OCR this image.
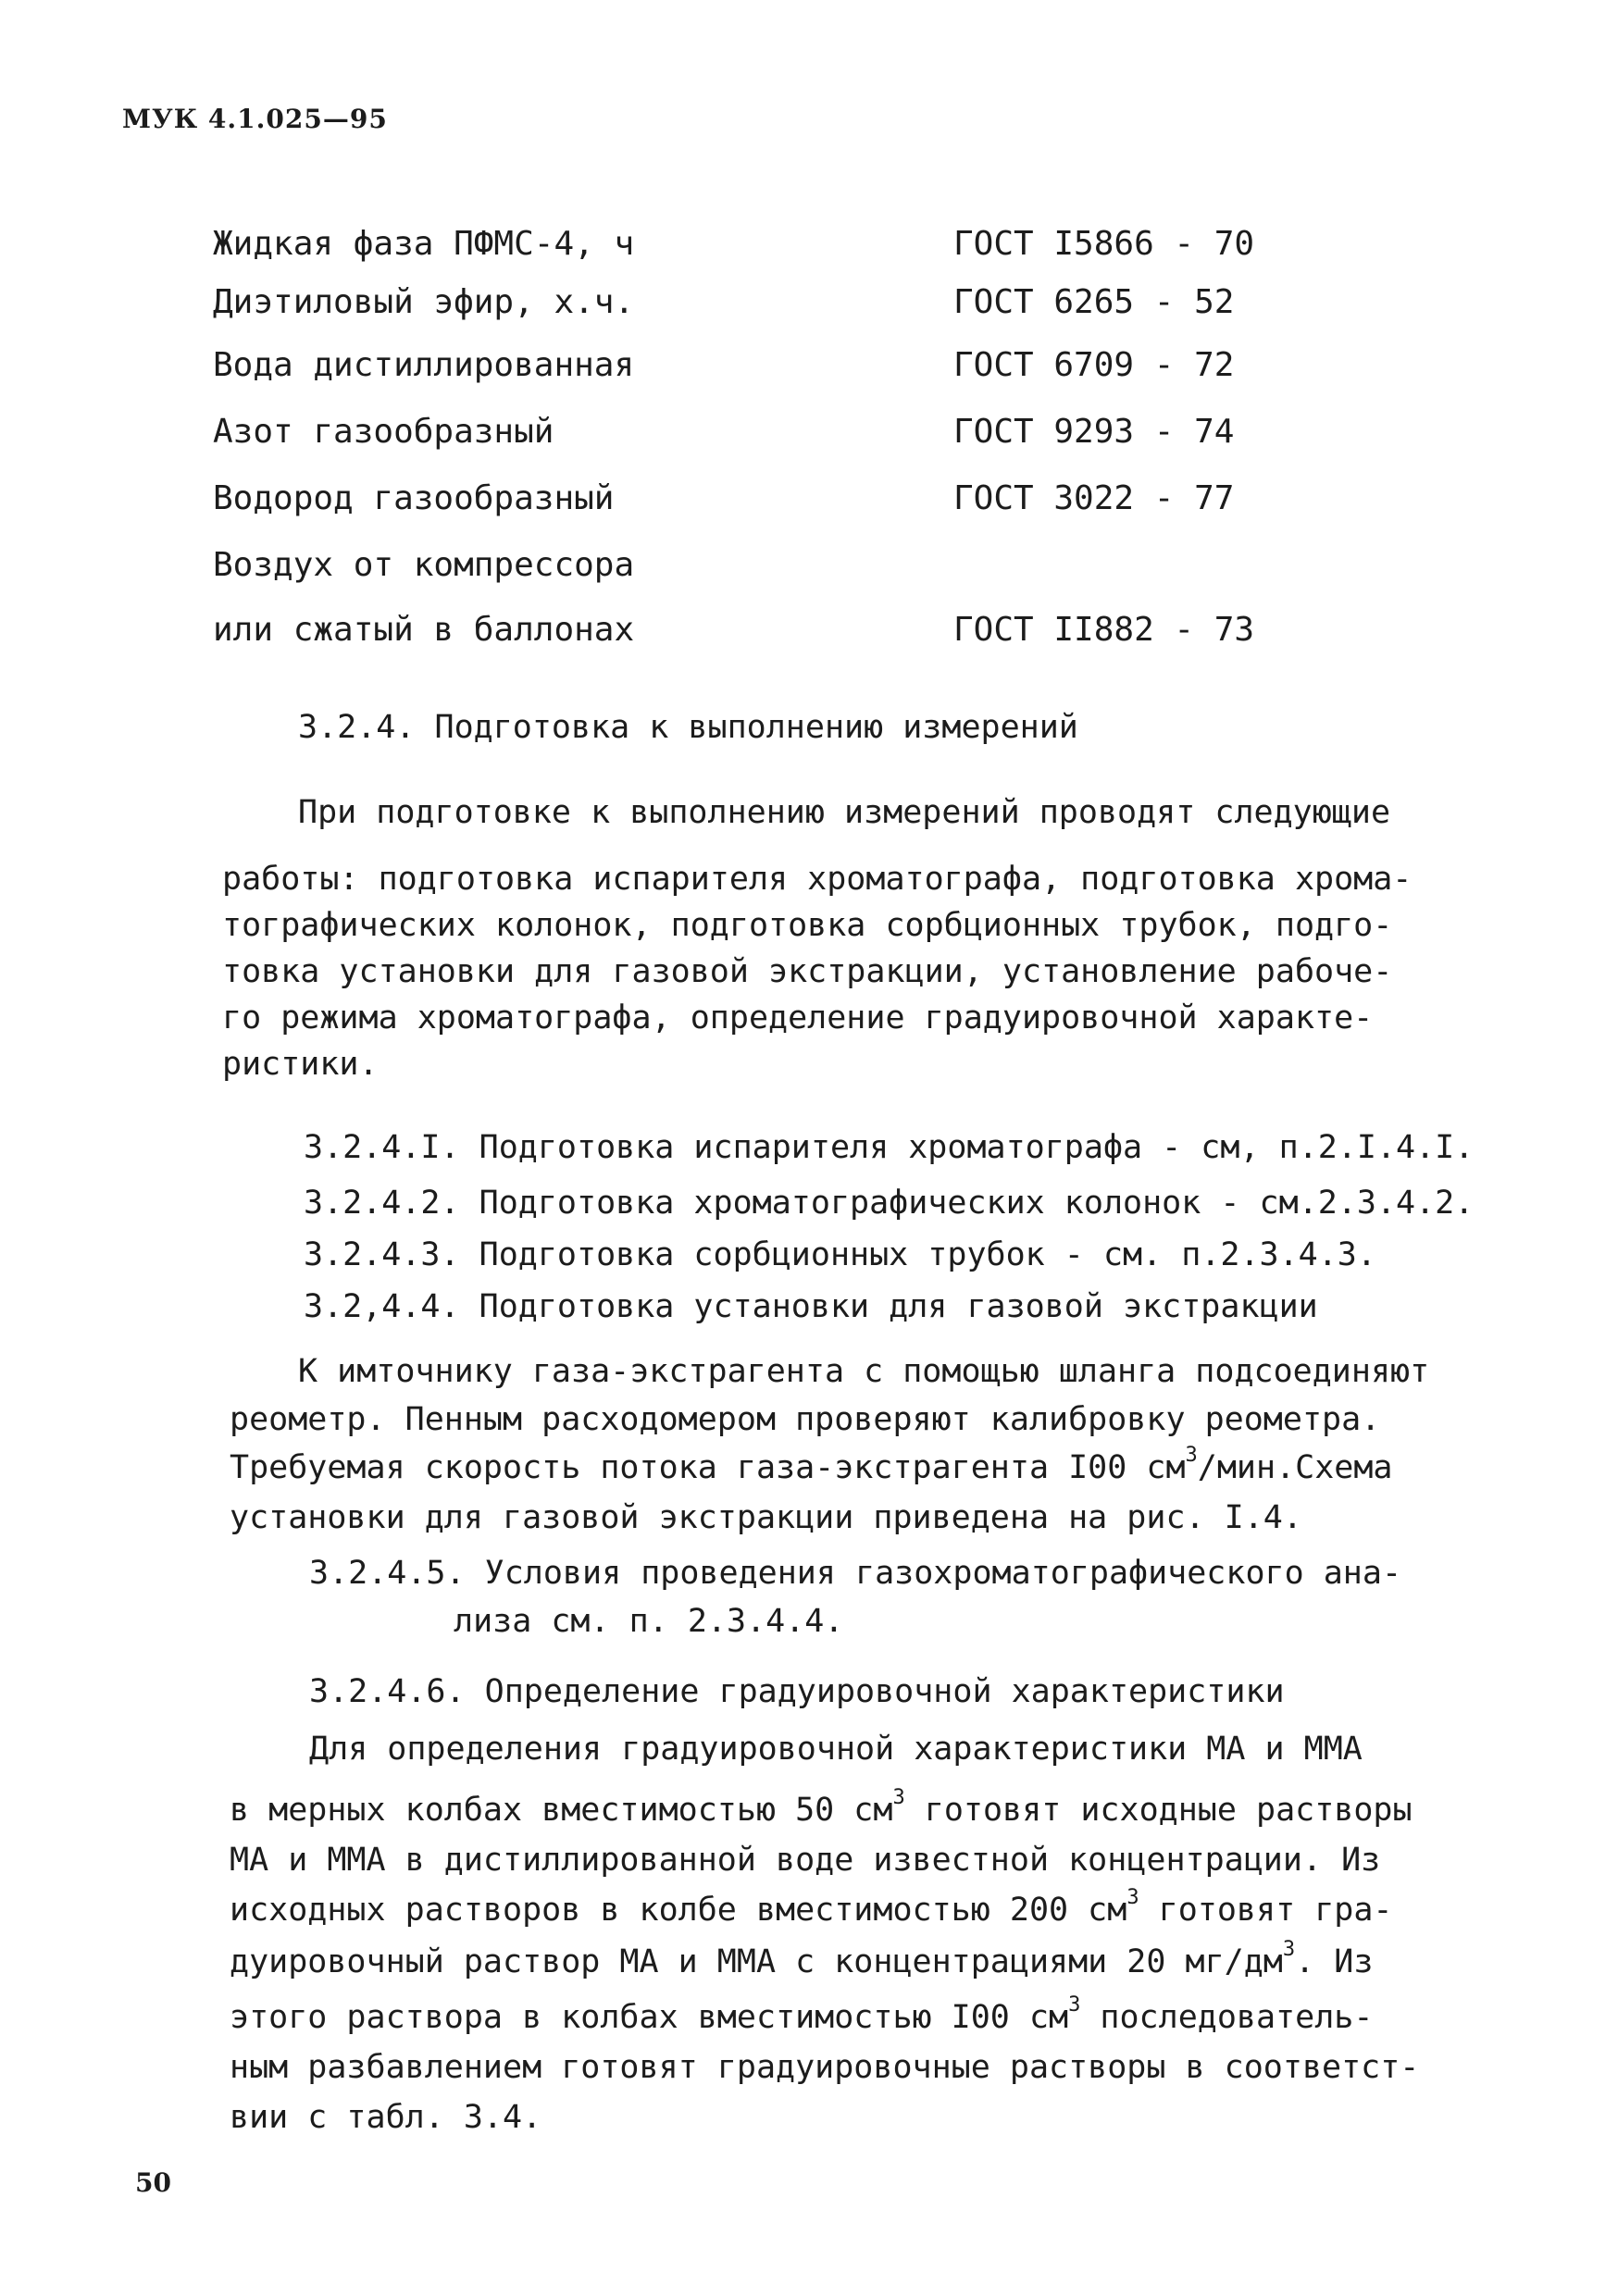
МУК 4.1.025—95
Жидкая фаза ПФМС-4, ч	ГОСТ I5866 - 70
Диэтиловый эфир, х.ч.	ГОСТ 6265 - 52
Вода дистиллированная	ГОСТ 6709 - 72
Азот газообразный	ГОСТ 9293 - 74
Водород газообразный	ГОСТ 3022 - 77
Воздух от компрессора
или сжатый в баллонах	ГОСТ II882 - 73
3.2.4. Подготовка к выполнению измерений
При подготовке к выполнению измерений проводят следующие
работы: подготовка испарителя хроматографа, подготовка хрома-
тографических колонок, подготовка сорбционных трубок, подго-
товка установки для газовой экстракции, установление рабоче-
го режима хроматографа, определение градуировочной характе-
ристики.
3.2.4.I. Подготовка испарителя хроматографа - см, п.2.I.4.I.
3.2.4.2. Подготовка хроматографических колонок - см.2.3.4.2.
3.2.4.3. Подготовка сорбционных трубок - см. п.2.3.4.3.
3.2,4.4. Подготовка установки для газовой экстракции
К имточнику газа-экстрагента с помощью шланга подсоединяют
реометр. Пенным расходомером проверяют калибровку реометра.
Требуемая скорость потока газа-экстрагента I00 $см^3/мин.Схема$
установки для газовой экстракции приведена на рис. I.4.
3.2.4.5. Условия проведения газохроматографического ана-
лиза см. п. 2.3.4.4.
3.2.4.6. Определение градуировочной характеристики
Для определения градуировочной характеристики МА и ММА
в мерных колбах вместимостью 50 $см^3$ готовят исходные растворы
МА и ММА в дистиллированной воде известной концентрации. Из
исходных растворов в колбе вместимостью 200 $см^3$ готовят гра-
дуировочный раствор МА и ММА с концентрациями 20 $мг/дм^3$. Из
этого раствора в колбах вместимостью I00 $см^3$ последователь-
ным разбавлением готовят градуировочные растворы в соответст-
вии с табл. 3.4.
50
